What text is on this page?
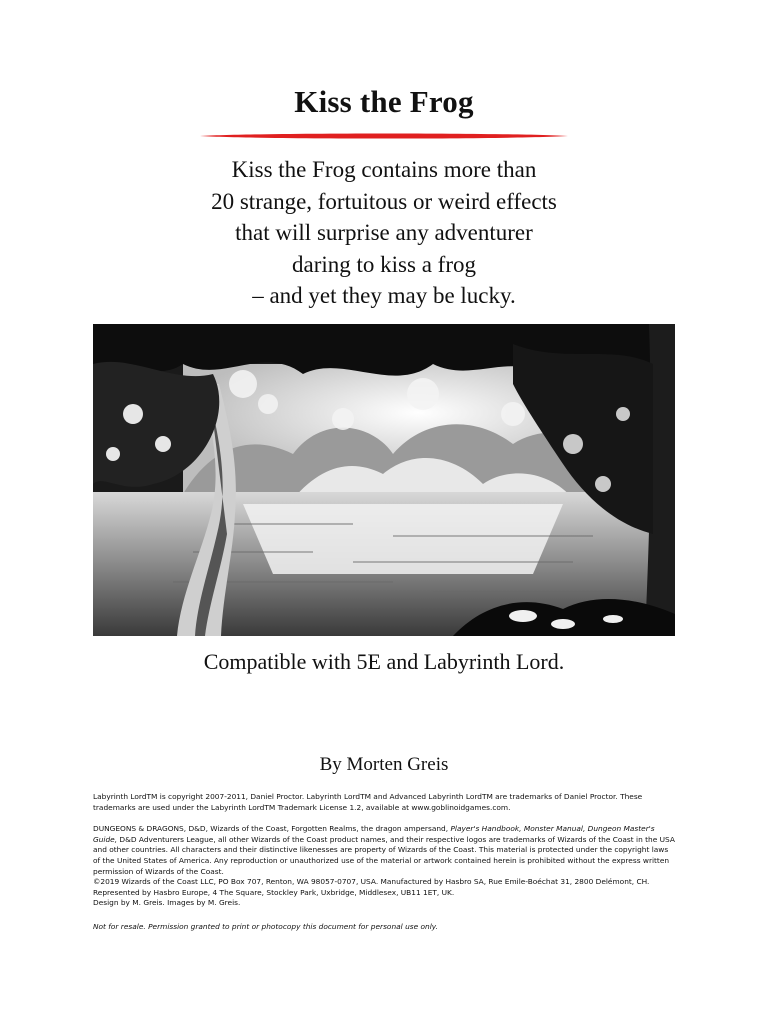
Kiss the Frog
Kiss the Frog contains more than
20 strange, fortuitous or weird effects
that will surprise any adventurer
daring to kiss a frog
– and yet they may be lucky.
Compatible with 5E and Labyrinth Lord.
By Morten Greis

Labyrinth LordTM is copyright 2007-2011, Daniel Proctor. Labyrinth LordTM and Advanced Labyrinth LordTM are trademarks of Daniel Proctor. These trademarks are used under the Labyrinth LordTM Trademark License 1.2, available at www.goblinoidgames.com.

DUNGEONS & DRAGONS, D&D, Wizards of the Coast, Forgotten Realms, the dragon ampersand, Player's Handbook, Monster Manual, Dungeon Master's Guide, D&D Adventurers League, all other Wizards of the Coast product names, and their respective logos are trademarks of Wizards of the Coast in the USA and other countries. All characters and their distinctive likenesses are property of Wizards of the Coast. This material is protected under the copyright laws of the United States of America. Any reproduction or unauthorized use of the material or artwork contained herein is prohibited without the express written permission of Wizards of the Coast.

©2019 Wizards of the Coast LLC, PO Box 707, Renton, WA 98057-0707, USA. Manufactured by Hasbro SA, Rue Emile-Boéchat 31, 2800 Delémont, CH. Represented by Hasbro Europe, 4 The Square, Stockley Park, Uxbridge, Middlesex, UB11 1ET, UK.

Design by M. Greis. Images by M. Greis.

Not for resale. Permission granted to print or photocopy this document for personal use only.
